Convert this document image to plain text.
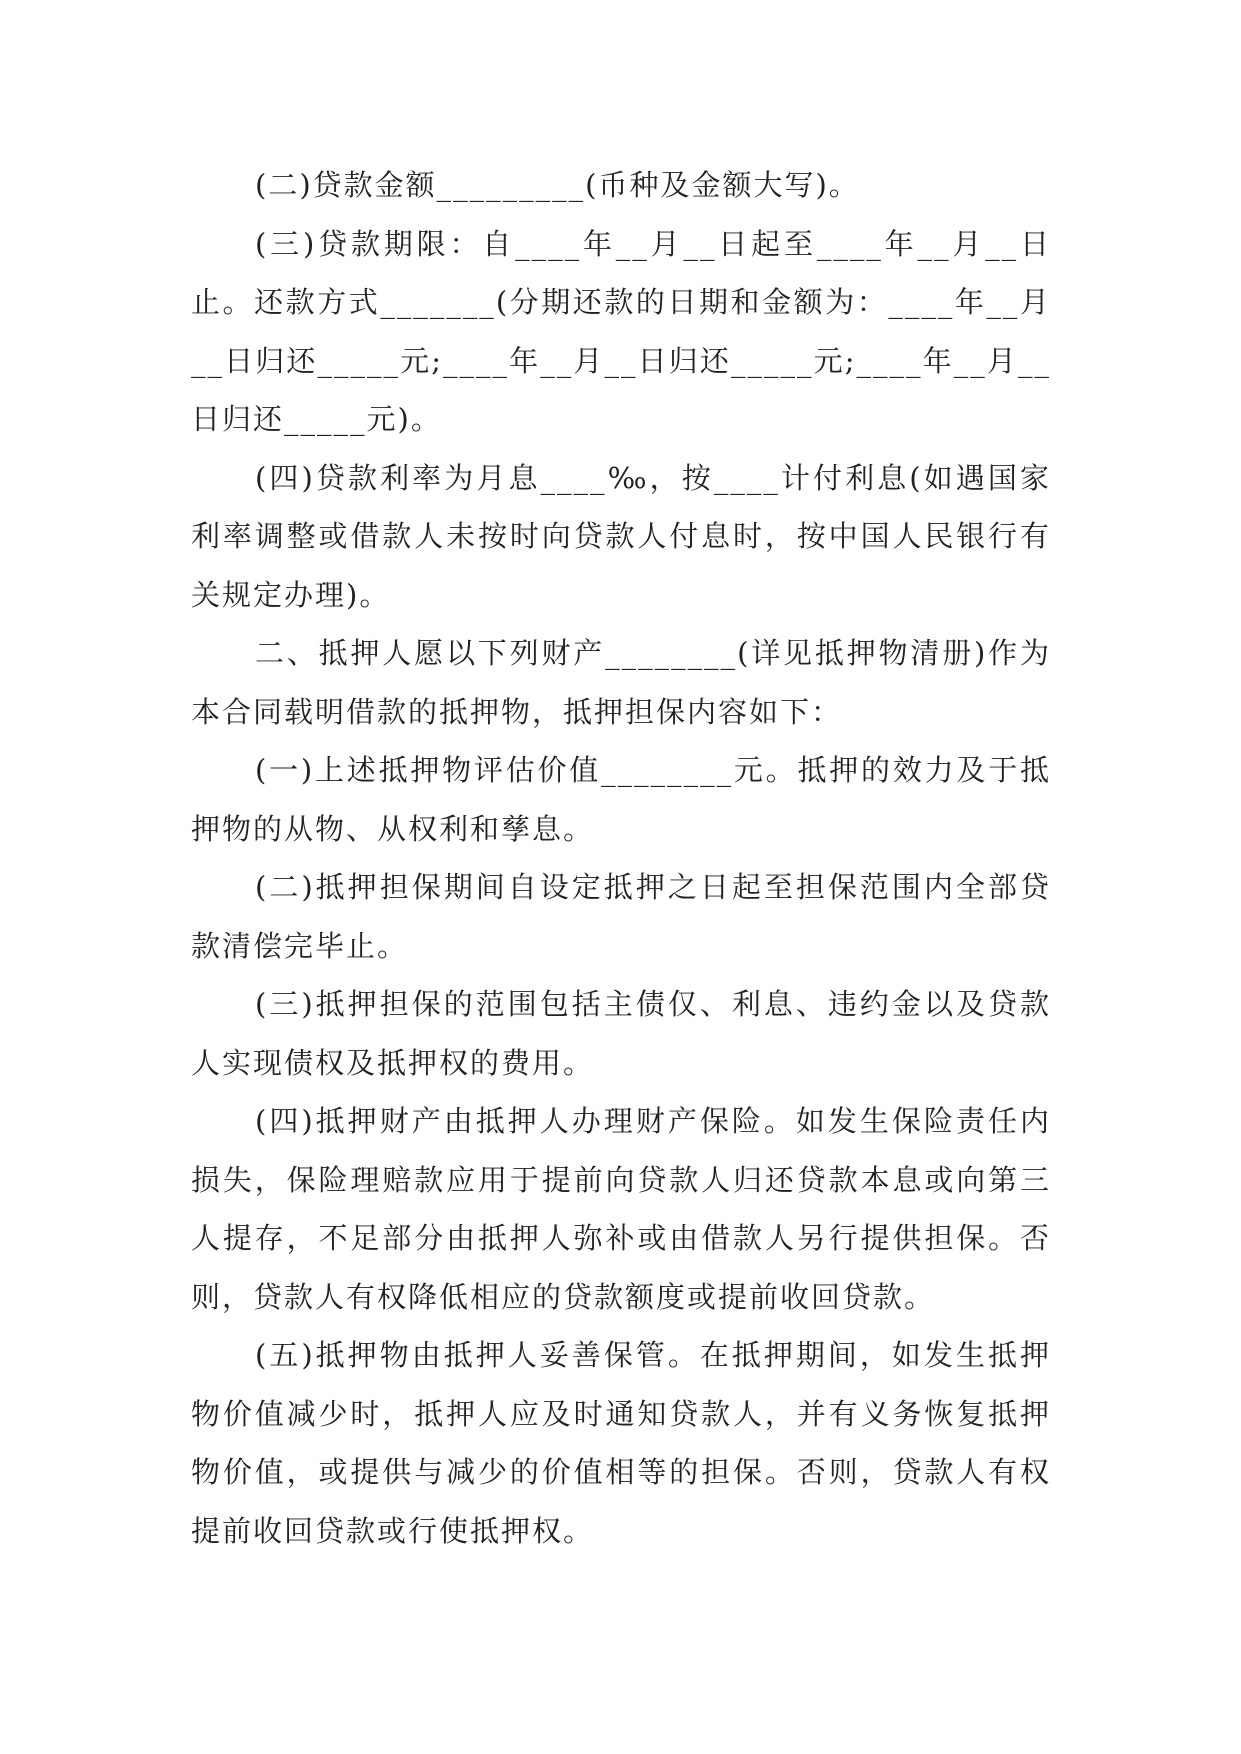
(二)贷款金额_________(币种及金额大写)。

(三)贷款期限：自____年__月__日起至____年__月__日止。还款方式_______(分期还款的日期和金额为：____年__月__日归还_____元;____年__月__日归还_____元;____年__月__日归还_____元)。

(四)贷款利率为月息____‰，按____计付利息(如遇国家利率调整或借款人未按时向贷款人付息时，按中国人民银行有关规定办理)。

二、抵押人愿以下列财产________(详见抵押物清册)作为本合同载明借款的抵押物，抵押担保内容如下：

(一)上述抵押物评估价值________元。抵押的效力及于抵押物的从物、从权利和孳息。

(二)抵押担保期间自设定抵押之日起至担保范围内全部贷款清偿完毕止。

(三)抵押担保的范围包括主债仅、利息、违约金以及贷款人实现债权及抵押权的费用。

(四)抵押财产由抵押人办理财产保险。如发生保险责任内损失，保险理赔款应用于提前向贷款人归还贷款本息或向第三人提存，不足部分由抵押人弥补或由借款人另行提供担保。否则，贷款人有权降低相应的贷款额度或提前收回贷款。

(五)抵押物由抵押人妥善保管。在抵押期间，如发生抵押物价值减少时，抵押人应及时通知贷款人，并有义务恢复抵押物价值，或提供与减少的价值相等的担保。否则，贷款人有权提前收回贷款或行使抵押权。
